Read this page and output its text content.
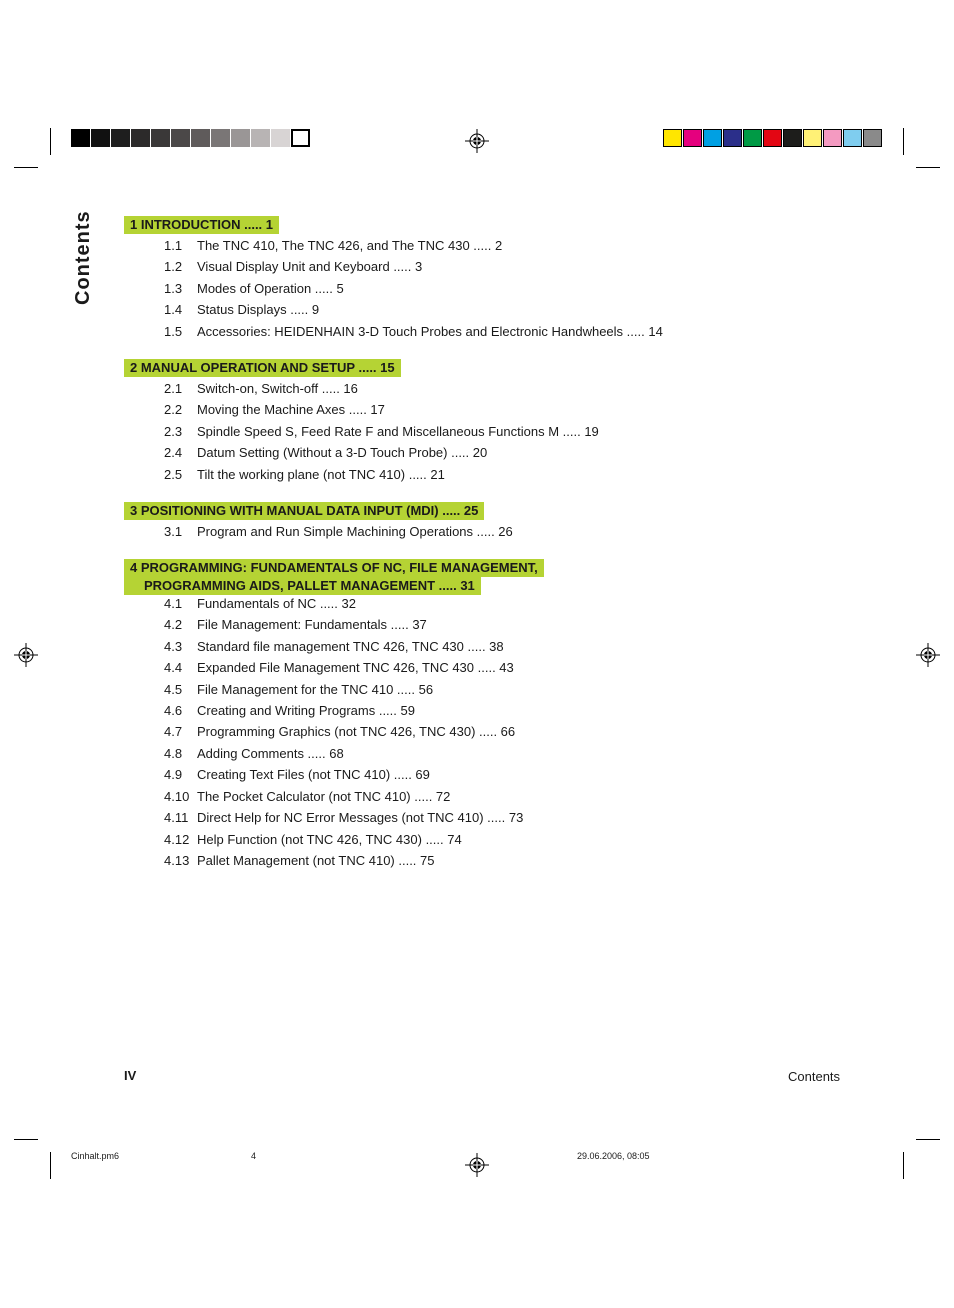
Contents	1 INTRODUCTION ..... 1
1.1 The TNC 410, The TNC 426, and The TNC 430 ..... 2
1.2 Visual Display Unit and Keyboard ..... 3
1.3 Modes of Operation ..... 5
1.4 Status Displays ..... 9
1.5 Accessories: HEIDENHAIN 3-D Touch Probes and Electronic Handwheels ..... 14
2 MANUAL OPERATION AND SETUP ..... 15
2.1 Switch-on, Switch-off ..... 16
2.2 Moving the Machine Axes ..... 17
2.3 Spindle Speed S, Feed Rate F and Miscellaneous Functions M ..... 19
2.4 Datum Setting (Without a 3-D Touch Probe) ..... 20
2.5 Tilt the working plane (not TNC 410) ..... 21
3 POSITIONING WITH MANUAL DATA INPUT (MDI) ..... 25
3.1 Program and Run Simple Machining Operations ..... 26
4 PROGRAMMING: FUNDAMENTALS OF NC, FILE MANAGEMENT,
PROGRAMMING AIDS, PALLET MANAGEMENT ..... 31
4.1 Fundamentals of NC ..... 32
4.2 File Management: Fundamentals ..... 37
4.3 Standard file management TNC 426, TNC 430 ..... 38
4.4 Expanded File Management TNC 426, TNC 430 ..... 43
4.5 File Management for the TNC 410 ..... 56
4.6 Creating and Writing Programs ..... 59
4.7 Programming Graphics (not TNC 426, TNC 430) ..... 66
4.8 Adding Comments ..... 68
4.9 Creating Text Files (not TNC 410) ..... 69
4.10 The Pocket Calculator (not TNC 410) ..... 72
4.11 Direct Help for NC Error Messages (not TNC 410) ..... 73
4.12 Help Function (not TNC 426, TNC 430) ..... 74
4.13 Pallet Management (not TNC 410) ..... 75
IV	Contents
Cinhalt.pm6	4	29.06.2006, 08:05
